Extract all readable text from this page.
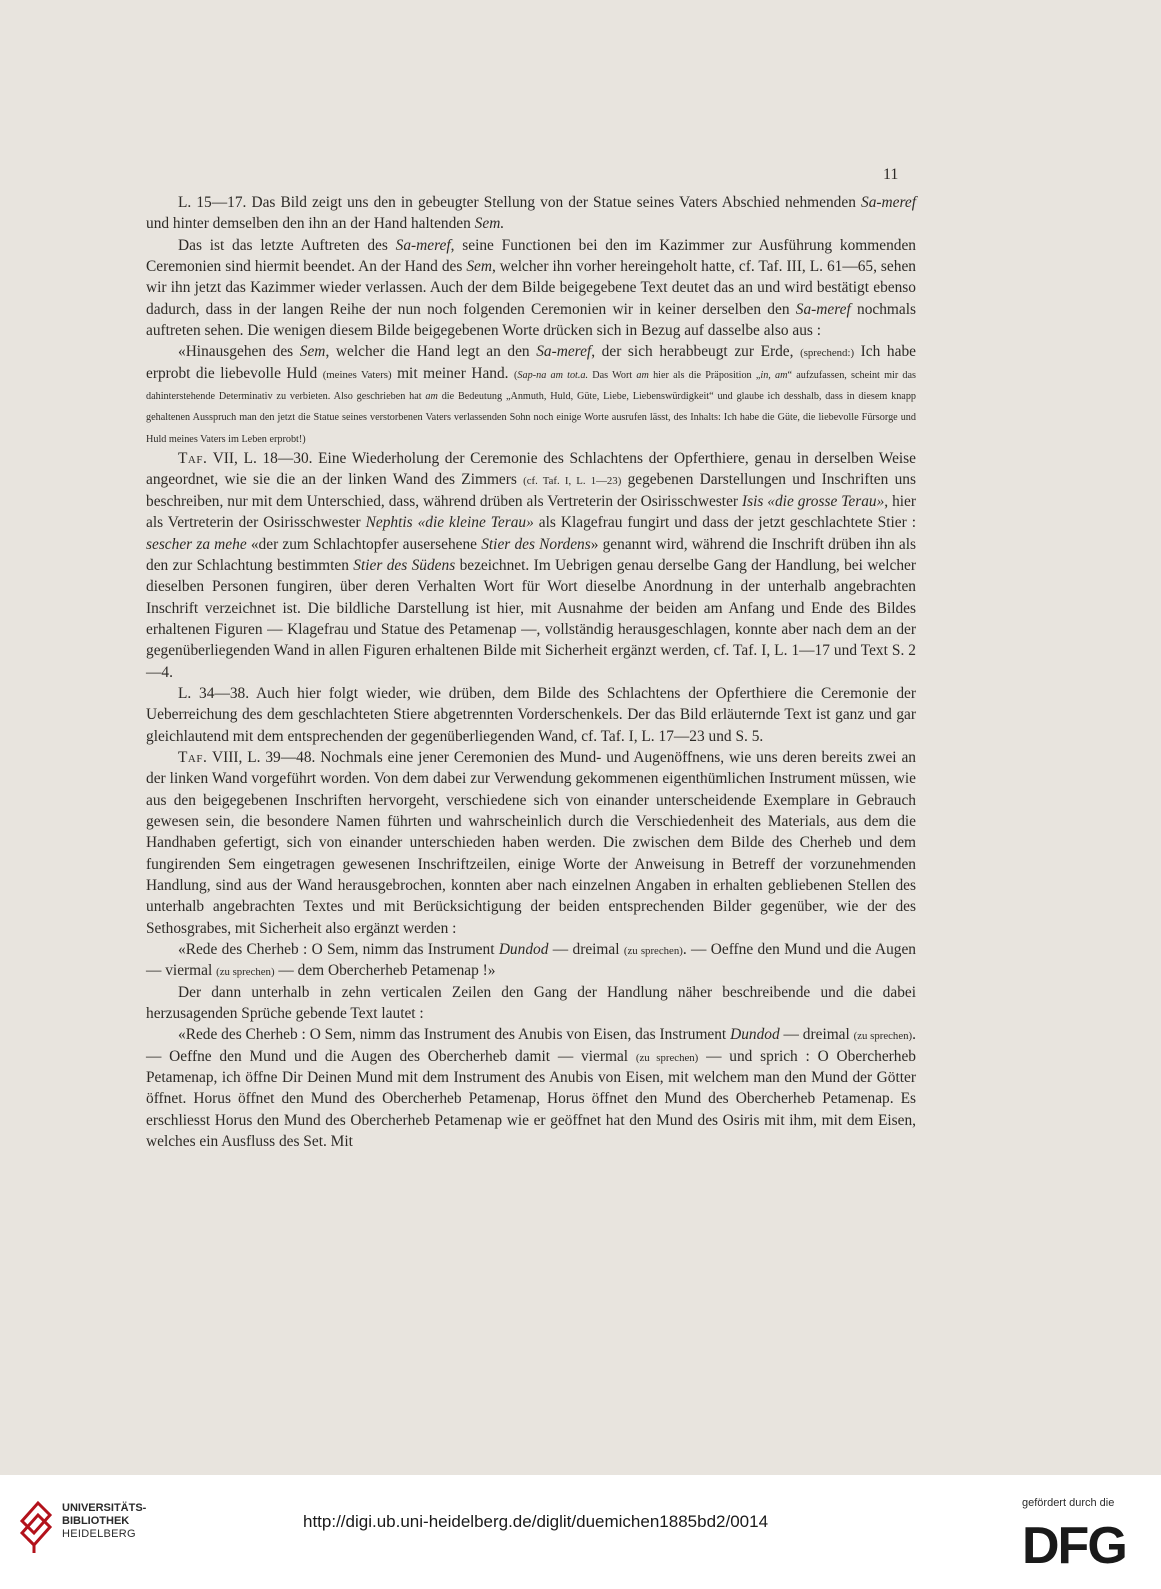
11

L. 15—17. Das Bild zeigt uns den in gebeugter Stellung von der Statue seines Vaters Abschied nehmenden Sa-meref und hinter demselben den ihn an der Hand haltenden Sem.

Das ist das letzte Auftreten des Sa-meref, seine Functionen bei den im Kazimmer zur Ausführung kommenden Ceremonien sind hiermit beendet. An der Hand des Sem, welcher ihn vorher hereingeholt hatte, cf. Taf. III, L. 61—65, sehen wir ihn jetzt das Kazimmer wieder verlassen. Auch der dem Bilde beigegebene Text deutet das an und wird bestätigt ebenso dadurch, dass in der langen Reihe der nun noch folgenden Ceremonien wir in keiner derselben den Sa-meref nochmals auftreten sehen. Die wenigen diesem Bilde beigegebenen Worte drücken sich in Bezug auf dasselbe also aus :

«Hinausgehen des Sem, welcher die Hand legt an den Sa-meref, der sich herabbeugt zur Erde, (sprechend:) Ich habe erprobt die liebevolle Huld (meines Vaters) mit meiner Hand. (Sap-na am tot.a. Das Wort am hier als die Präposition „in, am“ aufzufassen, scheint mir das dahinterstehende Determinativ zu verbieten. Also geschrieben hat am die Bedeutung „Anmuth, Huld, Güte, Liebe, Liebenswürdigkeit“ und glaube ich desshalb, dass in diesem knapp gehaltenen Ausspruch man den jetzt die Statue seines verstorbenen Vaters verlassenden Sohn noch einige Worte ausrufen lässt, des Inhalts: Ich habe die Güte, die liebevolle Fürsorge und Huld meines Vaters im Leben erprobt!)

Taf. VII, L. 18—30. Eine Wiederholung der Ceremonie des Schlachtens der Opferthiere, genau in derselben Weise angeordnet, wie sie die an der linken Wand des Zimmers (cf. Taf. I, L. 1—23) gegebenen Darstellungen und Inschriften uns beschreiben, nur mit dem Unterschied, dass, während drüben als Vertreterin der Osirisschwester Isis «die grosse Terau», hier als Vertreterin der Osirisschwester Nephtis «die kleine Terau» als Klagefrau fungirt und dass der jetzt geschlachtete Stier : sescher za mehe «der zum Schlachtopfer ausersehene Stier des Nordens» genannt wird, während die Inschrift drüben ihn als den zur Schlachtung bestimmten Stier des Südens bezeichnet. Im Uebrigen genau derselbe Gang der Handlung, bei welcher dieselben Personen fungiren, über deren Verhalten Wort für Wort dieselbe Anordnung in der unterhalb angebrachten Inschrift verzeichnet ist. Die bildliche Darstellung ist hier, mit Ausnahme der beiden am Anfang und Ende des Bildes erhaltenen Figuren — Klagefrau und Statue des Petamenap —, vollständig herausgeschlagen, konnte aber nach dem an der gegenüberliegenden Wand in allen Figuren erhaltenen Bilde mit Sicherheit ergänzt werden, cf. Taf. I, L. 1—17 und Text S. 2—4.

L. 34—38. Auch hier folgt wieder, wie drüben, dem Bilde des Schlachtens der Opferthiere die Ceremonie der Ueberreichung des dem geschlachteten Stiere abgetrennten Vorderschenkels. Der das Bild erläuternde Text ist ganz und gar gleichlautend mit dem entsprechenden der gegenüberliegenden Wand, cf. Taf. I, L. 17—23 und S. 5.

Taf. VIII, L. 39—48. Nochmals eine jener Ceremonien des Mund- und Augenöffnens, wie uns deren bereits zwei an der linken Wand vorgeführt worden. Von dem dabei zur Verwendung gekommenen eigenthümlichen Instrument müssen, wie aus den beigegebenen Inschriften hervorgeht, verschiedene sich von einander unterscheidende Exemplare in Gebrauch gewesen sein, die besondere Namen führten und wahrscheinlich durch die Verschiedenheit des Materials, aus dem die Handhaben gefertigt, sich von einander unterschieden haben werden. Die zwischen dem Bilde des Cherheb und dem fungirenden Sem eingetragen gewesenen Inschriftzeilen, einige Worte der Anweisung in Betreff der vorzunehmenden Handlung, sind aus der Wand herausgebrochen, konnten aber nach einzelnen Angaben in erhalten gebliebenen Stellen des unterhalb angebrachten Textes und mit Berücksichtigung der beiden entsprechenden Bilder gegenüber, wie der des Sethosgrabes, mit Sicherheit also ergänzt werden :

«Rede des Cherheb : O Sem, nimm das Instrument Dundod — dreimal (zu sprechen). — Oeffne den Mund und die Augen — viermal (zu sprechen) — dem Obercherheb Petamenap !»

Der dann unterhalb in zehn verticalen Zeilen den Gang der Handlung näher beschreibende und die dabei herzusagenden Sprüche gebende Text lautet :

«Rede des Cherheb : O Sem, nimm das Instrument des Anubis von Eisen, das Instrument Dundod — dreimal (zu sprechen). — Oeffne den Mund und die Augen des Obercherheb damit — viermal (zu sprechen) — und sprich : O Obercherheb Petamenap, ich öffne Dir Deinen Mund mit dem Instrument des Anubis von Eisen, mit welchem man den Mund der Götter öffnet. Horus öffnet den Mund des Obercherheb Petamenap, Horus öffnet den Mund des Obercherheb Petamenap. Es erschliesst Horus den Mund des Obercherheb Petamenap wie er geöffnet hat den Mund des Osiris mit ihm, mit dem Eisen, welches ein Ausfluss des Set. Mit

UNIVERSITÄTS-
BIBLIOTHEK
HEIDELBERG
http://digi.ub.uni-heidelberg.de/diglit/duemichen1885bd2/0014
gefördert durch die
DFG
